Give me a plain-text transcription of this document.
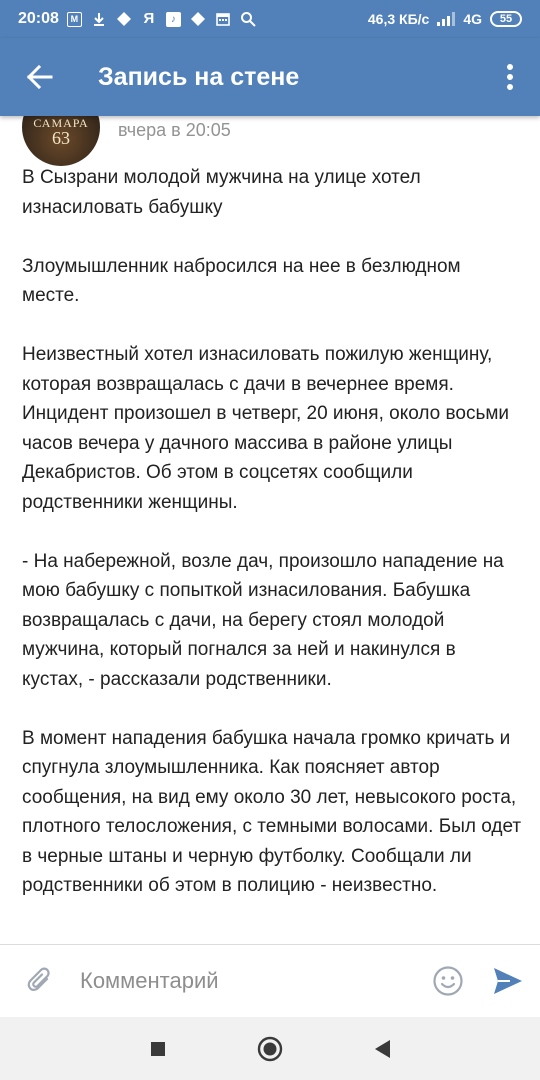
20:08	M	Я	♪	46,3 КБ/с 4G 55
Запись на стене
САМАРА
63	вчера в 20:05

В Сызрани молодой мужчина на улице хотел изнасиловать бабушку

Злоумышленник набросился на нее в безлюдном месте.

Неизвестный хотел изнасиловать пожилую женщину, которая возвращалась с дачи в вечернее время. Инцидент произошел в четверг, 20 июня, около восьми часов вечера у дачного массива в районе улицы Декабристов. Об этом в соцсетях сообщили родственники женщины.

- На набережной, возле дач, произошло нападение на мою бабушку с попыткой изнасилования. Бабушка возвращалась с дачи, на берегу стоял молодой мужчина, который погнался за ней и накинулся в кустах, - рассказали родственники.

В момент нападения бабушка начала громко кричать и спугнула злоумышленника. Как поясняет автор сообщения, на вид ему около 30 лет, невысокого роста, плотного телосложения, с темными волосами. Был одет в черные штаны и черную футболку. Сообщали ли родственники об этом в полицию - неизвестно.

Комментарий
